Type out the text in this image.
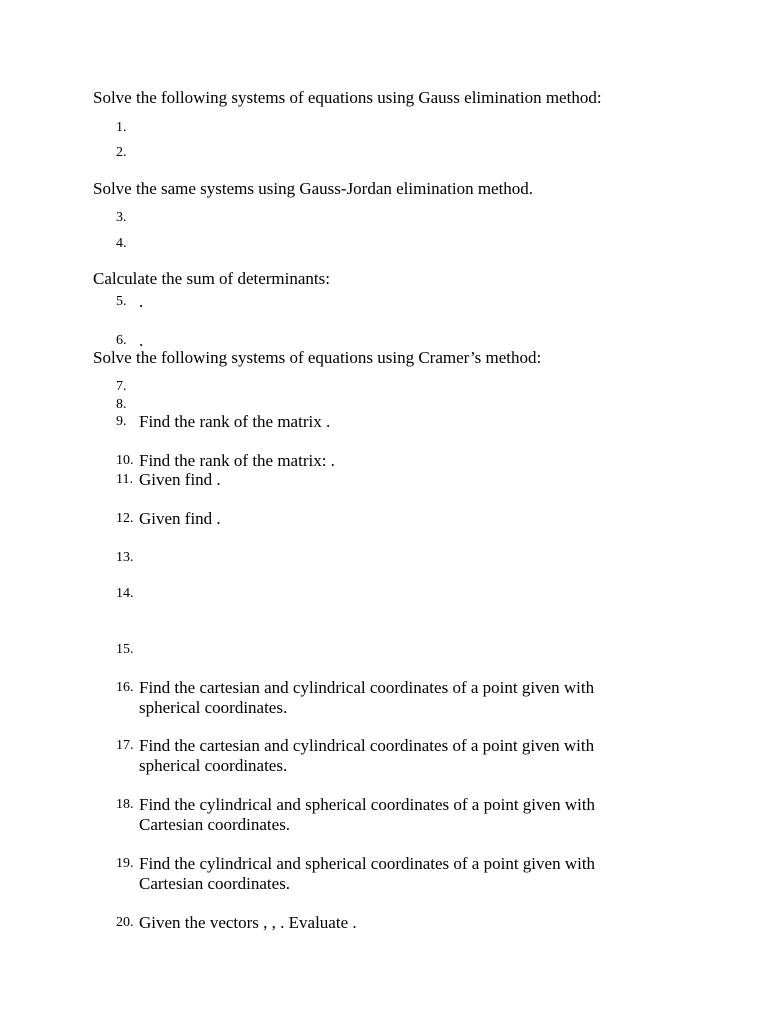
Solve the following systems of equations using Gauss elimination method:
1.
2.
Solve the same systems using Gauss-Jordan elimination method.
3.
4.
Calculate the sum of determinants:
5. .
6. .
Solve the following systems of equations using Cramer’s method:
7.
8.
9. Find the rank of the matrix .
10. Find the rank of the matrix: .
11. Given find .
12. Given find .
13.
14.
15.
16. Find the cartesian and cylindrical coordinates of a point given with spherical coordinates.
17. Find the cartesian and cylindrical coordinates of a point given with spherical coordinates.
18. Find the cylindrical and spherical coordinates of a point given with Cartesian coordinates.
19. Find the cylindrical and spherical coordinates of a point given with Cartesian coordinates.
20. Given the vectors , , . Evaluate .
